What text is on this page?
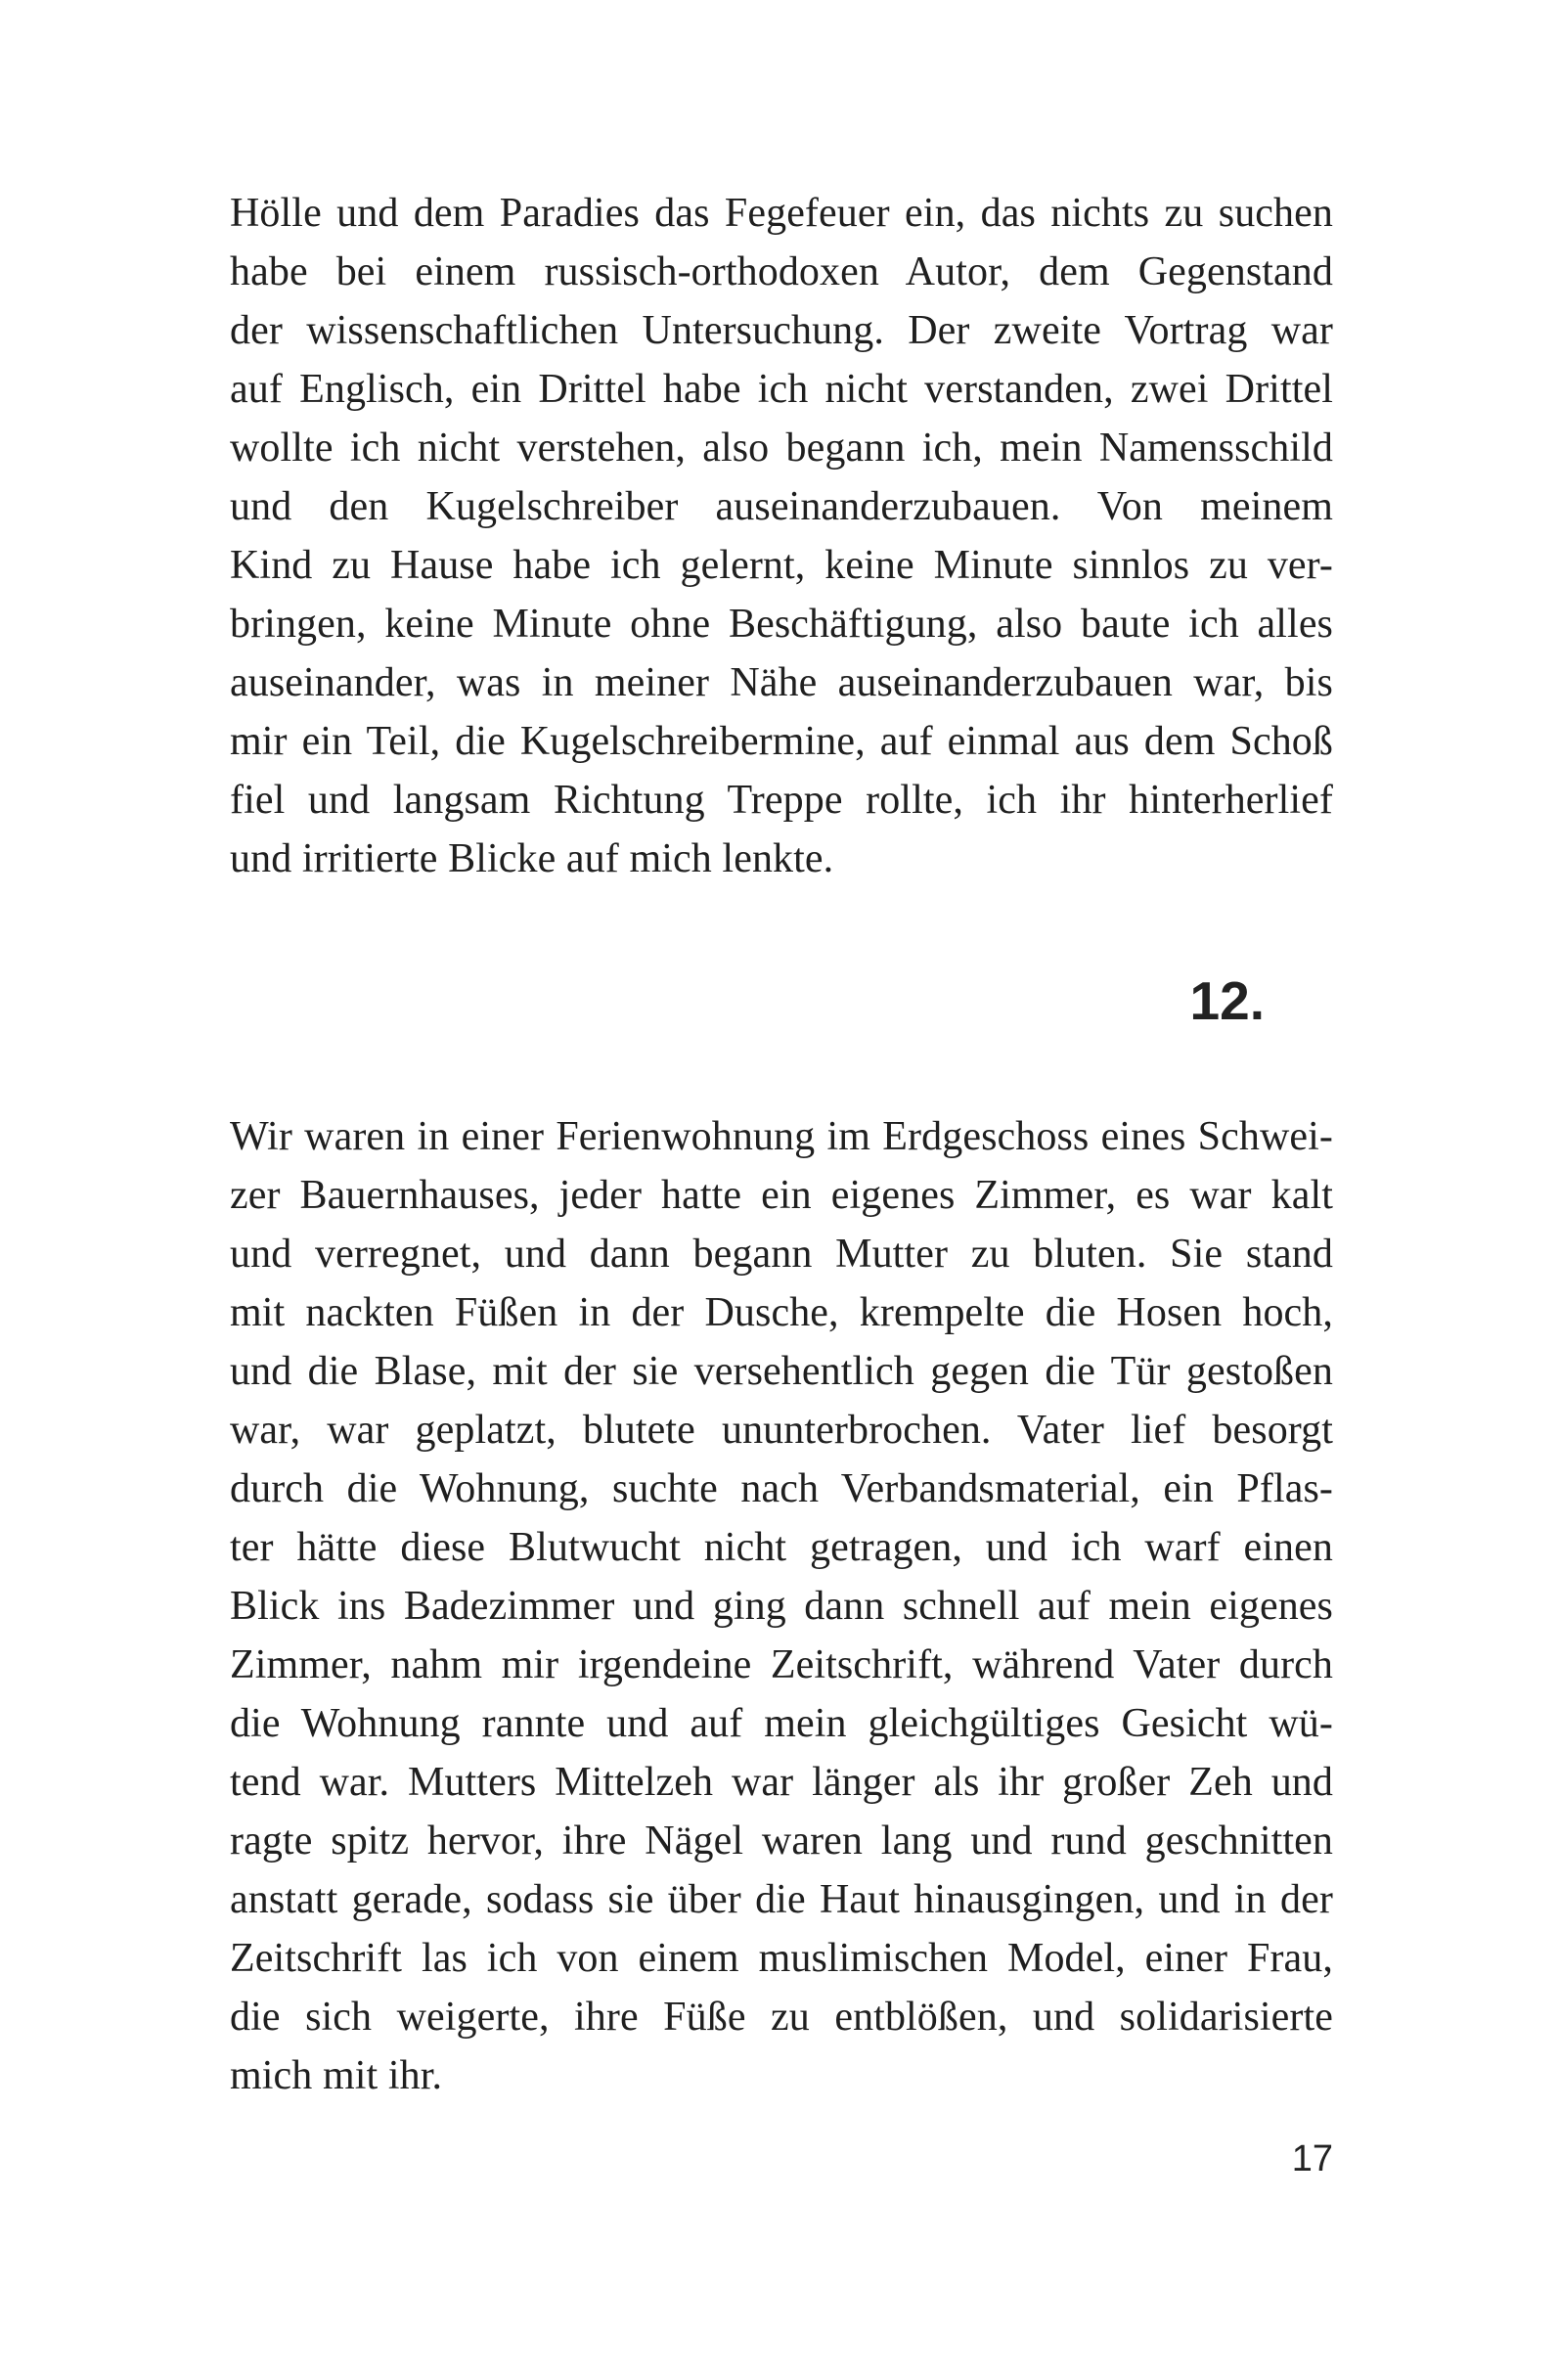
Hölle und dem Paradies das Fegefeuer ein, das nichts zu suchen
habe bei einem russisch-orthodoxen Autor, dem Gegenstand
der wissenschaftlichen Untersuchung. Der zweite Vortrag war
auf Englisch, ein Drittel habe ich nicht verstanden, zwei Drittel
wollte ich nicht verstehen, also begann ich, mein Namensschild
und den Kugelschreiber auseinanderzubauen. Von meinem
Kind zu Hause habe ich gelernt, keine Minute sinnlos zu ver-
bringen, keine Minute ohne Beschäftigung, also baute ich alles
auseinander, was in meiner Nähe auseinanderzubauen war, bis
mir ein Teil, die Kugelschreibermine, auf einmal aus dem Schoß
fiel und langsam Richtung Treppe rollte, ich ihr hinterherlief
und irritierte Blicke auf mich lenkte.
12.
Wir waren in einer Ferienwohnung im Erdgeschoss eines Schwei-
zer Bauernhauses, jeder hatte ein eigenes Zimmer, es war kalt
und verregnet, und dann begann Mutter zu bluten. Sie stand
mit nackten Füßen in der Dusche, krempelte die Hosen hoch,
und die Blase, mit der sie versehentlich gegen die Tür gestoßen
war, war geplatzt, blutete ununterbrochen. Vater lief besorgt
durch die Wohnung, suchte nach Verbandsmaterial, ein Pflas-
ter hätte diese Blutwucht nicht getragen, und ich warf einen
Blick ins Badezimmer und ging dann schnell auf mein eigenes
Zimmer, nahm mir irgendeine Zeitschrift, während Vater durch
die Wohnung rannte und auf mein gleichgültiges Gesicht wü-
tend war. Mutters Mittelzeh war länger als ihr großer Zeh und
ragte spitz hervor, ihre Nägel waren lang und rund geschnitten
anstatt gerade, sodass sie über die Haut hinausgingen, und in der
Zeitschrift las ich von einem muslimischen Model, einer Frau,
die sich weigerte, ihre Füße zu entblößen, und solidarisierte
mich mit ihr.
17
